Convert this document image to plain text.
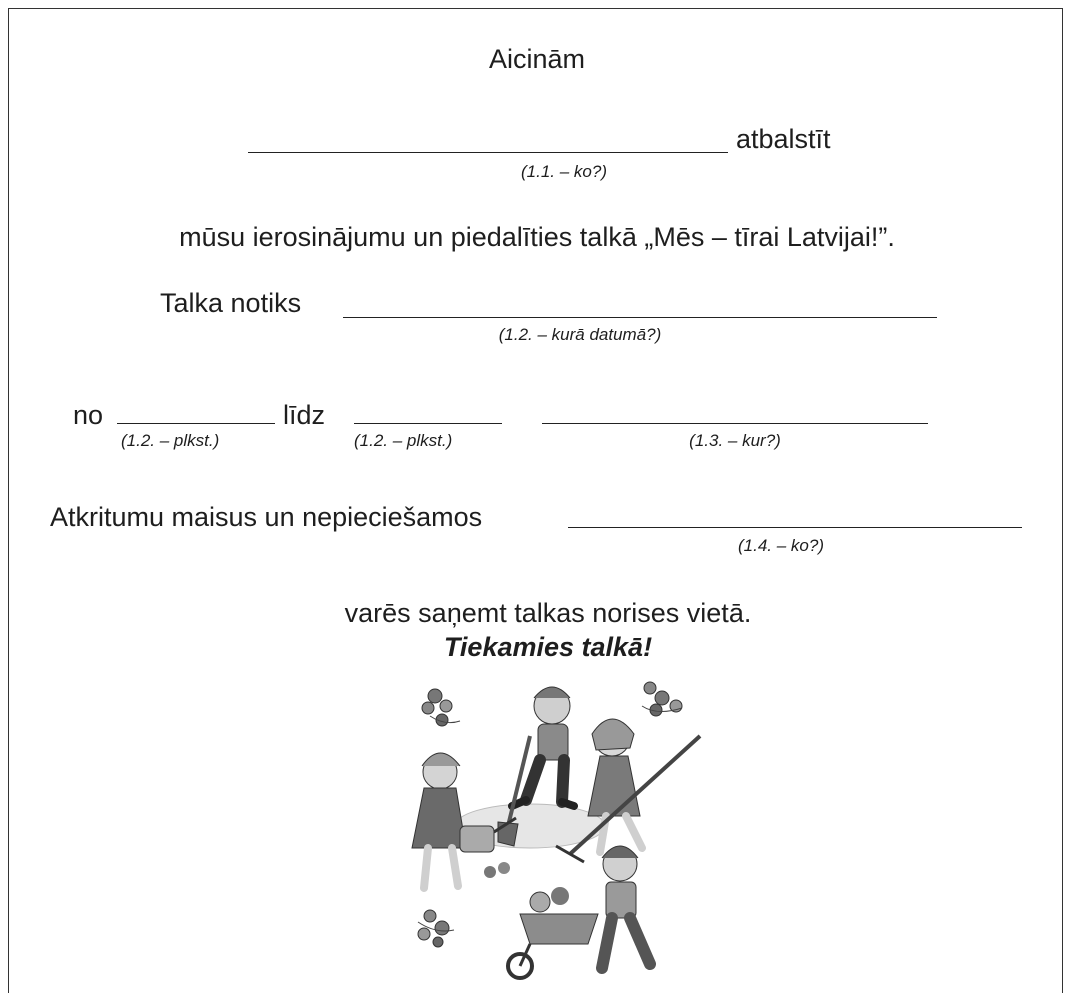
Aicinām
atbalstīt
(1.1. – ko?)
mūsu ierosinājumu un piedalīties talkā „Mēs – tīrai Latvijai!”.
Talka notiks
(1.2. – kurā datumā?)
no
(1.2. – plkst.)
līdz
(1.2. – plkst.)	(1.3. – kur?)
Atkritumu maisus un nepieciešamos
(1.4. – ko?)
varēs saņemt talkas norises vietā.
Tiekamies talkā!
